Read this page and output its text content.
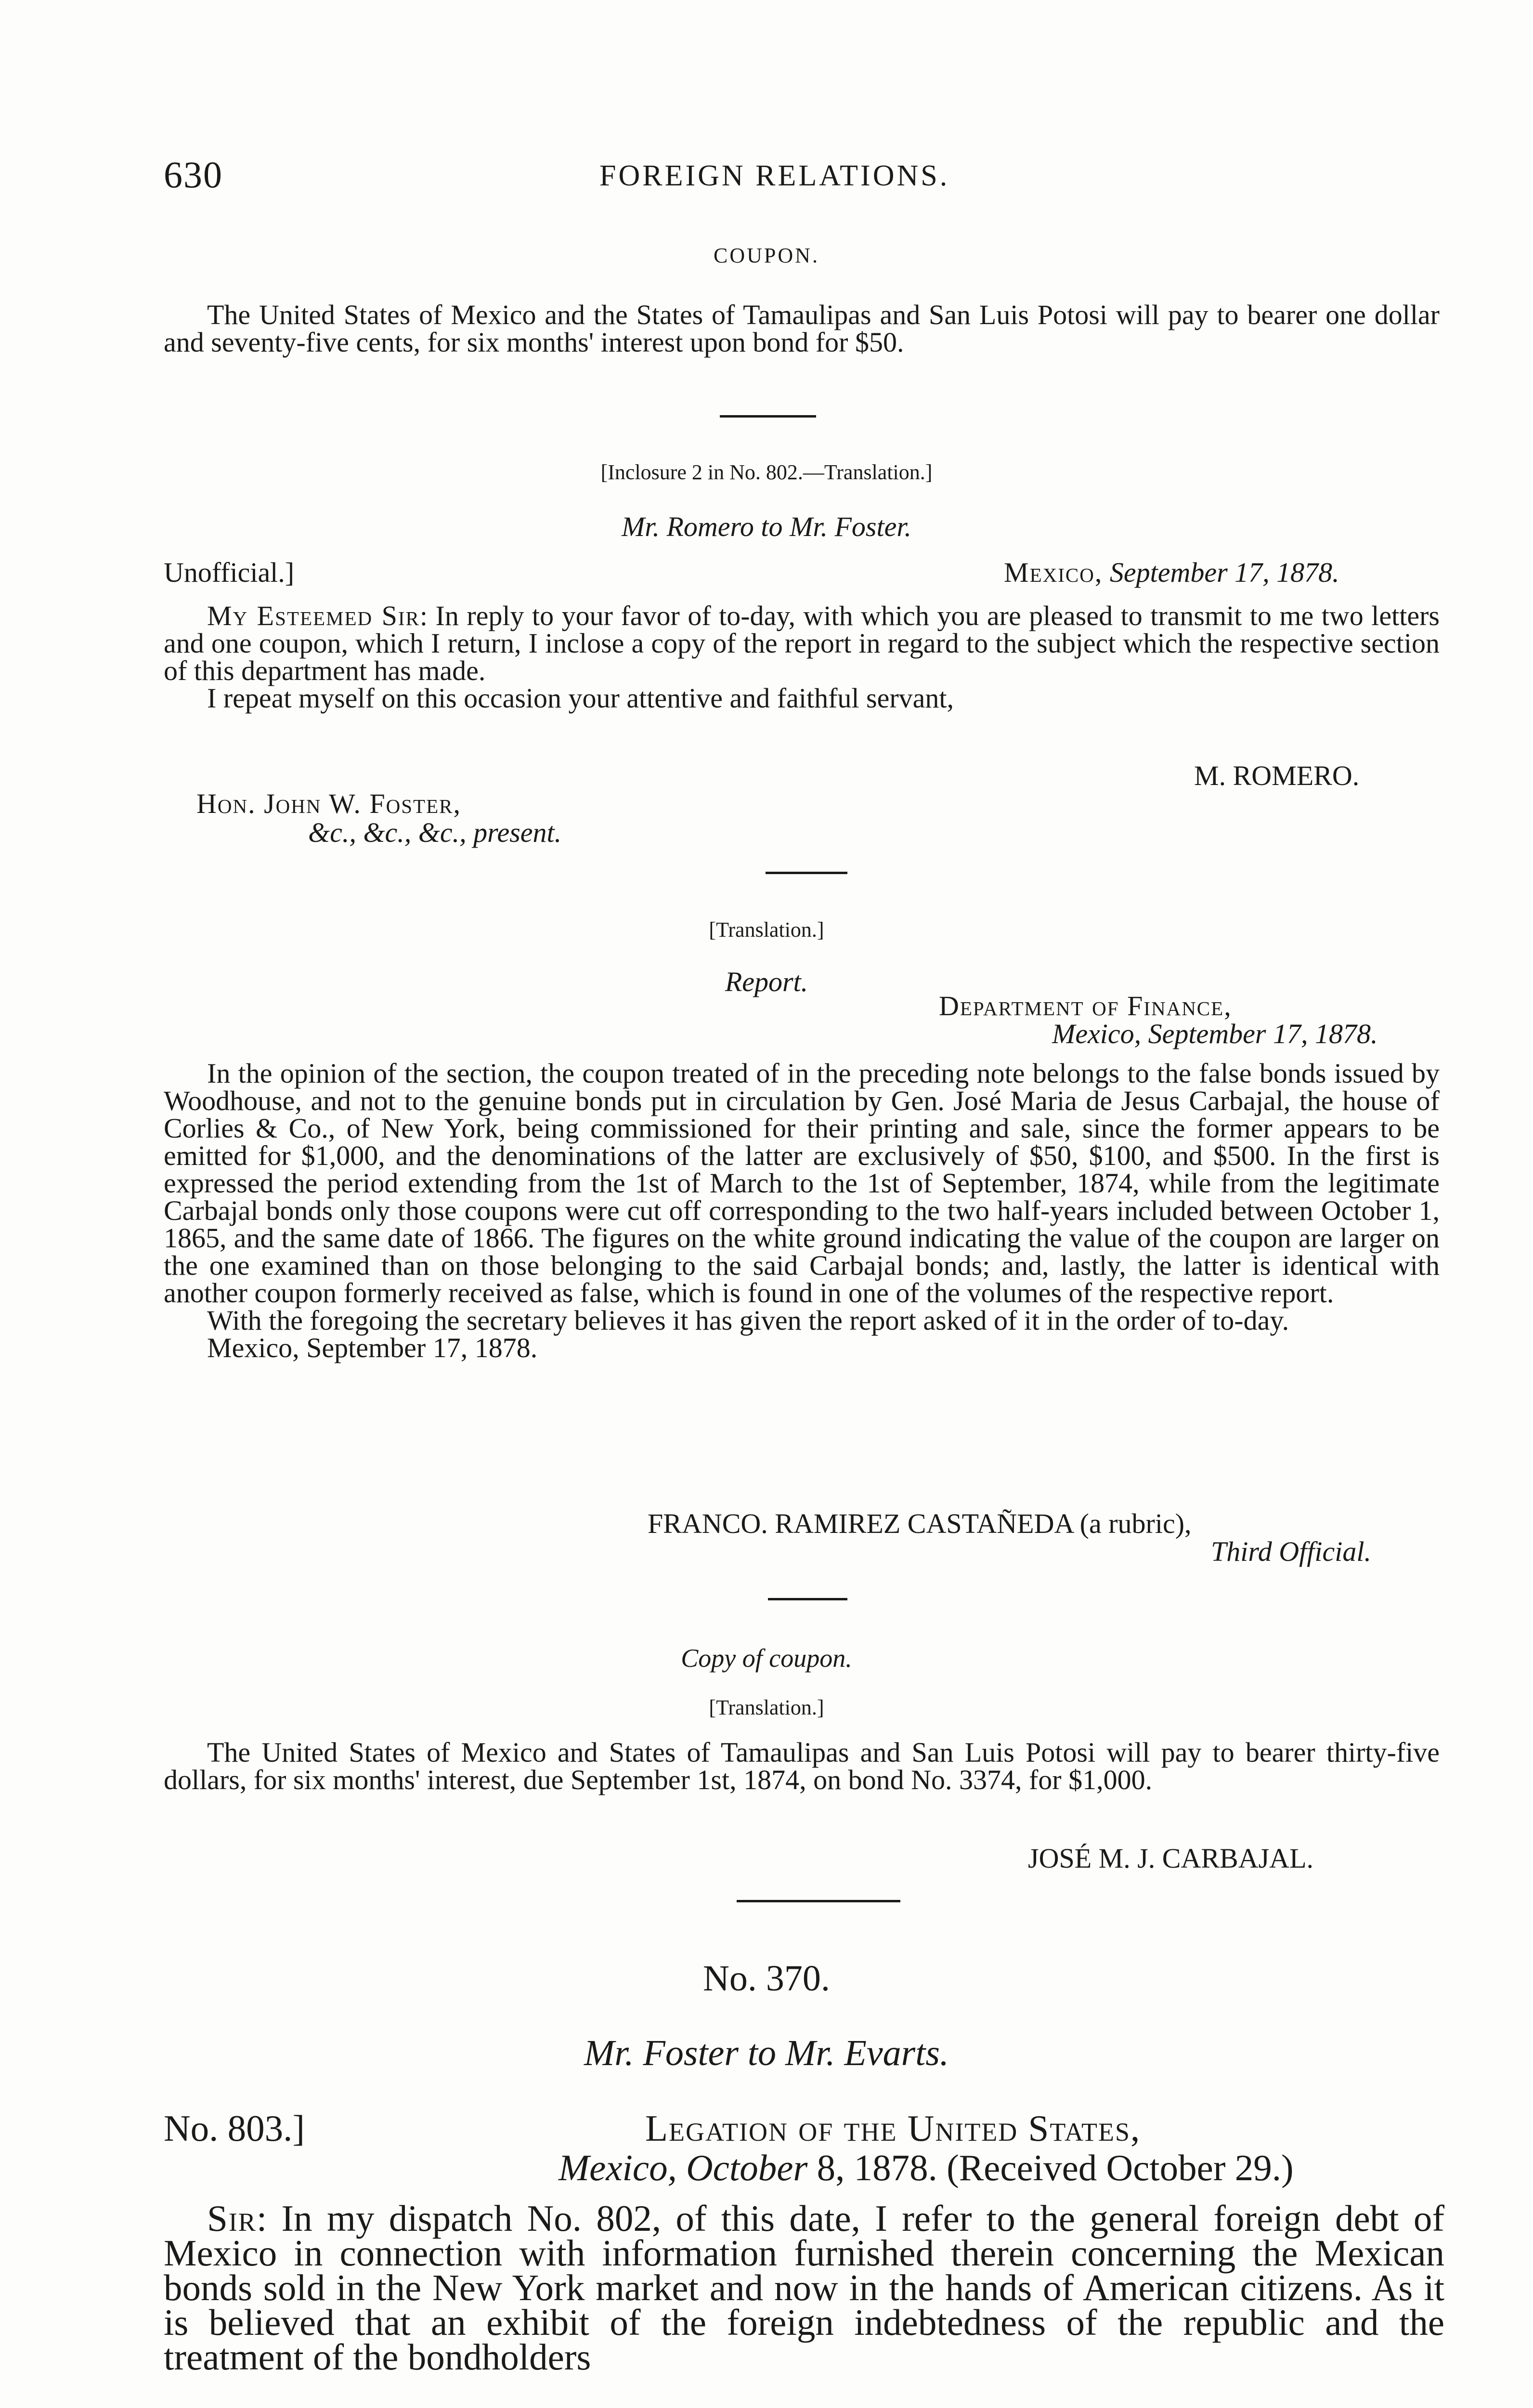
630	FOREIGN RELATIONS.
COUPON.
The United States of Mexico and the States of Tamaulipas and San Luis Potosi will pay to bearer one dollar and seventy-five cents, for six months' interest upon bond for $50.
[Inclosure 2 in No. 802.—Translation.]
Mr. Romero to Mr. Foster.
Unofficial.]	Mexico, September 17, 1878.
My Esteemed Sir: In reply to your favor of to-day, with which you are pleased to transmit to me two letters and one coupon, which I return, I inclose a copy of the report in regard to the subject which the respective section of this department has made.
I repeat myself on this occasion your attentive and faithful servant,
M. ROMERO.
Hon. John W. Foster,
&c., &c., &c., present.
[Translation.]
Report.
Department of Finance,
Mexico, September 17, 1878.
In the opinion of the section, the coupon treated of in the preceding note belongs to the false bonds issued by Woodhouse, and not to the genuine bonds put in circulation by Gen. José Maria de Jesus Carbajal, the house of Corlies & Co., of New York, being commissioned for their printing and sale, since the former appears to be emitted for $1,000, and the denominations of the latter are exclusively of $50, $100, and $500. In the first is expressed the period extending from the 1st of March to the 1st of September, 1874, while from the legitimate Carbajal bonds only those coupons were cut off corresponding to the two half-years included between October 1, 1865, and the same date of 1866. The figures on the white ground indicating the value of the coupon are larger on the one examined than on those belonging to the said Carbajal bonds; and, lastly, the latter is identical with another coupon formerly received as false, which is found in one of the volumes of the respective report.
With the foregoing the secretary believes it has given the report asked of it in the order of to-day.
Mexico, September 17, 1878.
FRANCO. RAMIREZ CASTAÑEDA (a rubric),
Third Official.
Copy of coupon.
[Translation.]
The United States of Mexico and States of Tamaulipas and San Luis Potosi will pay to bearer thirty-five dollars, for six months' interest, due September 1st, 1874, on bond No. 3374, for $1,000.
JOSÉ M. J. CARBAJAL.
No. 370.
Mr. Foster to Mr. Evarts.
No. 803.]	Legation of the United States,
Mexico, October 8, 1878. (Received October 29.)
Sir: In my dispatch No. 802, of this date, I refer to the general foreign debt of Mexico in connection with information furnished therein concerning the Mexican bonds sold in the New York market and now in the hands of American citizens. As it is believed that an exhibit of the foreign indebtedness of the republic and the treatment of the bondholders
